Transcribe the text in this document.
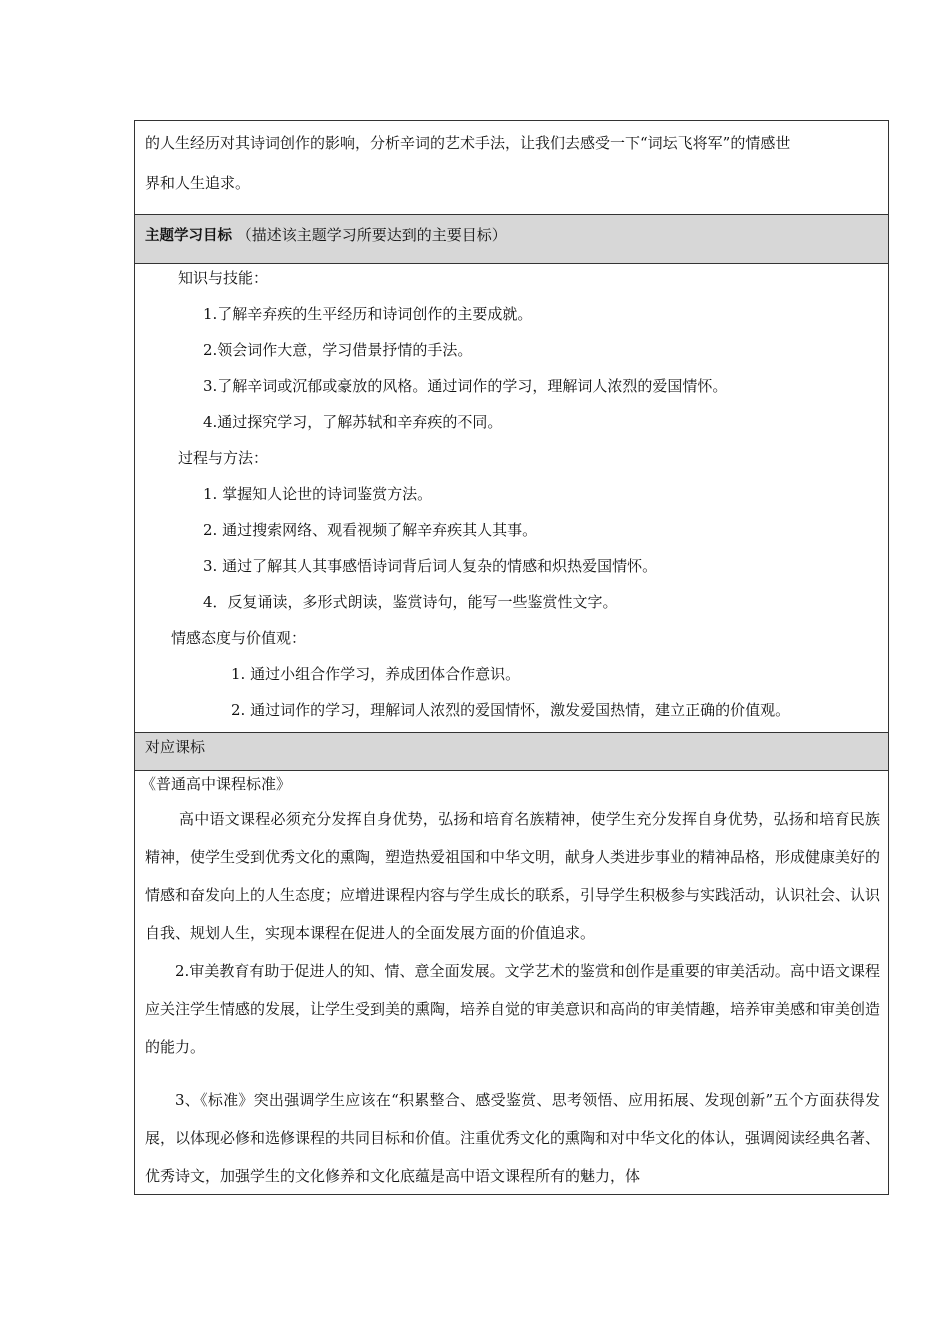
的人生经历对其诗词创作的影响，分析辛词的艺术手法，让我们去感受一下“词坛飞将军”的情感世
界和人生追求。
主题学习目标 （描述该主题学习所要达到的主要目标）
知识与技能：
1.了解辛弃疾的生平经历和诗词创作的主要成就。
2.领会词作大意，学习借景抒情的手法。
3.了解辛词或沉郁或豪放的风格。通过词作的学习，理解词人浓烈的爱国情怀。
4.通过探究学习，了解苏轼和辛弃疾的不同。
过程与方法：
1. 掌握知人论世的诗词鉴赏方法。
2. 通过搜索网络、观看视频了解辛弃疾其人其事。
3. 通过了解其人其事感悟诗词背后词人复杂的情感和炽热爱国情怀。
4．反复诵读，多形式朗读，鉴赏诗句，能写一些鉴赏性文字。
情感态度与价值观：
1. 通过小组合作学习，养成团体合作意识。
2. 通过词作的学习，理解词人浓烈的爱国情怀，激发爱国热情，建立正确的价值观。
对应课标
《普通高中课程标准》
高中语文课程必须充分发挥自身优势，弘扬和培育名族精神，使学生充分发挥自身优势，弘扬和培育民族精神，使学生受到优秀文化的熏陶，塑造热爱祖国和中华文明，献身人类进步事业的精神品格，形成健康美好的情感和奋发向上的人生态度；应增进课程内容与学生成长的联系，引导学生积极参与实践活动，认识社会、认识自我、规划人生，实现本课程在促进人的全面发展方面的价值追求。
2.审美教育有助于促进人的知、情、意全面发展。文学艺术的鉴赏和创作是重要的审美活动。高中语文课程应关注学生情感的发展，让学生受到美的熏陶，培养自觉的审美意识和高尚的审美情趣，培养审美感和审美创造的能力。
3、《标准》突出强调学生应该在“积累整合、感受鉴赏、思考领悟、应用拓展、发现创新”五个方面获得发展，以体现必修和选修课程的共同目标和价值。注重优秀文化的熏陶和对中华文化的体认，强调阅读经典名著、优秀诗文，加强学生的文化修养和文化底蕴是高中语文课程所有的魅力，体
